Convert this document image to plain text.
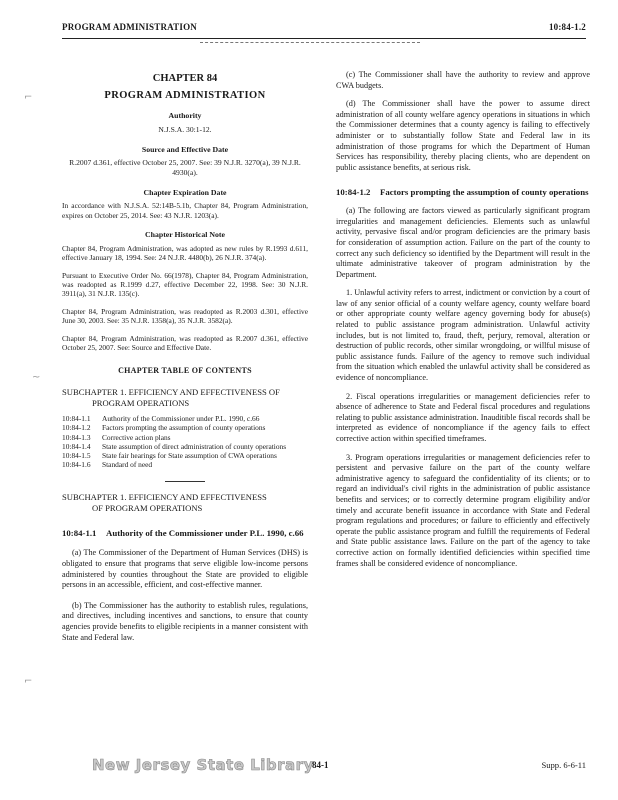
PROGRAM ADMINISTRATION	10:84-1.2
CHAPTER 84
PROGRAM ADMINISTRATION
Authority
N.J.S.A. 30:1-12.
Source and Effective Date
R.2007 d.361, effective October 25, 2007. See: 39 N.J.R. 3270(a), 39 N.J.R. 4930(a).
Chapter Expiration Date
In accordance with N.J.S.A. 52:14B-5.1b, Chapter 84, Program Administration, expires on October 25, 2014. See: 43 N.J.R. 1203(a).
Chapter Historical Note
Chapter 84, Program Administration, was adopted as new rules by R.1993 d.611, effective January 18, 1994. See: 24 N.J.R. 4480(b), 26 N.J.R. 374(a).
Pursuant to Executive Order No. 66(1978), Chapter 84, Program Administration, was readopted as R.1999 d.27, effective December 22, 1998. See: 30 N.J.R. 3911(a), 31 N.J.R. 135(c).
Chapter 84, Program Administration, was readopted as R.2003 d.301, effective June 30, 2003. See: 35 N.J.R. 1358(a), 35 N.J.R. 3582(a).
Chapter 84, Program Administration, was readopted as R.2007 d.361, effective October 25, 2007. See: Source and Effective Date.
CHAPTER TABLE OF CONTENTS
SUBCHAPTER 1. EFFICIENCY AND EFFECTIVENESS OF
PROGRAM OPERATIONS
10:84-1.1	Authority of the Commissioner under P.L. 1990, c.66
10:84-1.2	Factors prompting the assumption of county operations
10:84-1.3	Corrective action plans
10:84-1.4	State assumption of direct administration of county operations
10:84-1.5	State fair hearings for State assumption of CWA operations
10:84-1.6	Standard of need
SUBCHAPTER 1. EFFICIENCY AND EFFECTIVENESS
OF PROGRAM OPERATIONS
10:84-1.1	Authority of the Commissioner under P.L. 1990, c.66
(a) The Commissioner of the Department of Human Services (DHS) is obligated to ensure that programs that serve eligible low-income persons administered by counties throughout the State are provided to eligible persons in an accessible, efficient, and cost-effective manner.
(b) The Commissioner has the authority to establish rules, regulations, and directives, including incentives and sanctions, to ensure that county agencies provide benefits to eligible recipients in a manner consistent with State and Federal law.
(c) The Commissioner shall have the authority to review and approve CWA budgets.
(d) The Commissioner shall have the power to assume direct administration of all county welfare agency operations in situations in which the Commissioner determines that a county agency is failing to effectively administer or to substantially follow State and Federal law in its administration of those programs for which the Department of Human Services has responsibility, thereby placing clients, who are dependent on public assistance benefits, at serious risk.
10:84-1.2	Factors prompting the assumption of county operations
(a) The following are factors viewed as particularly significant program irregularities and management deficiencies. Elements such as unlawful activity, pervasive fiscal and/or program deficiencies are the primary basis for consideration of assumption action. Failure on the part of the county to correct any such deficiency so identified by the Department will result in the ultimate administrative takeover of program administration by the Department.
1. Unlawful activity refers to arrest, indictment or conviction by a court of law of any senior official of a county welfare agency, county welfare board or other appropriate county welfare agency governing body for abuse(s) related to public assistance program administration. Unlawful activity includes, but is not limited to, fraud, theft, perjury, removal, alteration or destruction of public records, other similar wrongdoing, or willful misuse of public assistance funds. Failure of the agency to remove such individual from the situation which enabled the unlawful activity shall be considered as evidence of noncompliance.
2. Fiscal operations irregularities or management deficiencies refer to absence of adherence to State and Federal fiscal procedures and regulations relating to public assistance administration. Inauditible fiscal records shall be interpreted as evidence of noncompliance if the agency fails to effect corrective action within specified timeframes.
3. Program operations irregularities or management deficiencies refer to persistent and pervasive failure on the part of the county welfare administrative agency to safeguard the confidentiality of its clients; or to regard an individual's civil rights in the administration of public assistance benefits and services; or to correctly determine program eligibility and/or timely and accurate benefit issuance in accordance with State and Federal program regulations and procedures; or failure to efficiently and effectively operate the public assistance program and fulfill the requirements of Federal and State public assistance laws. Failure on the part of the agency to take corrective action on formally identified deficiencies within specified time frames shall be considered evidence of noncompliance.
⌐
~
⌐
New Jersey State Library
84-1	Supp. 6-6-11
